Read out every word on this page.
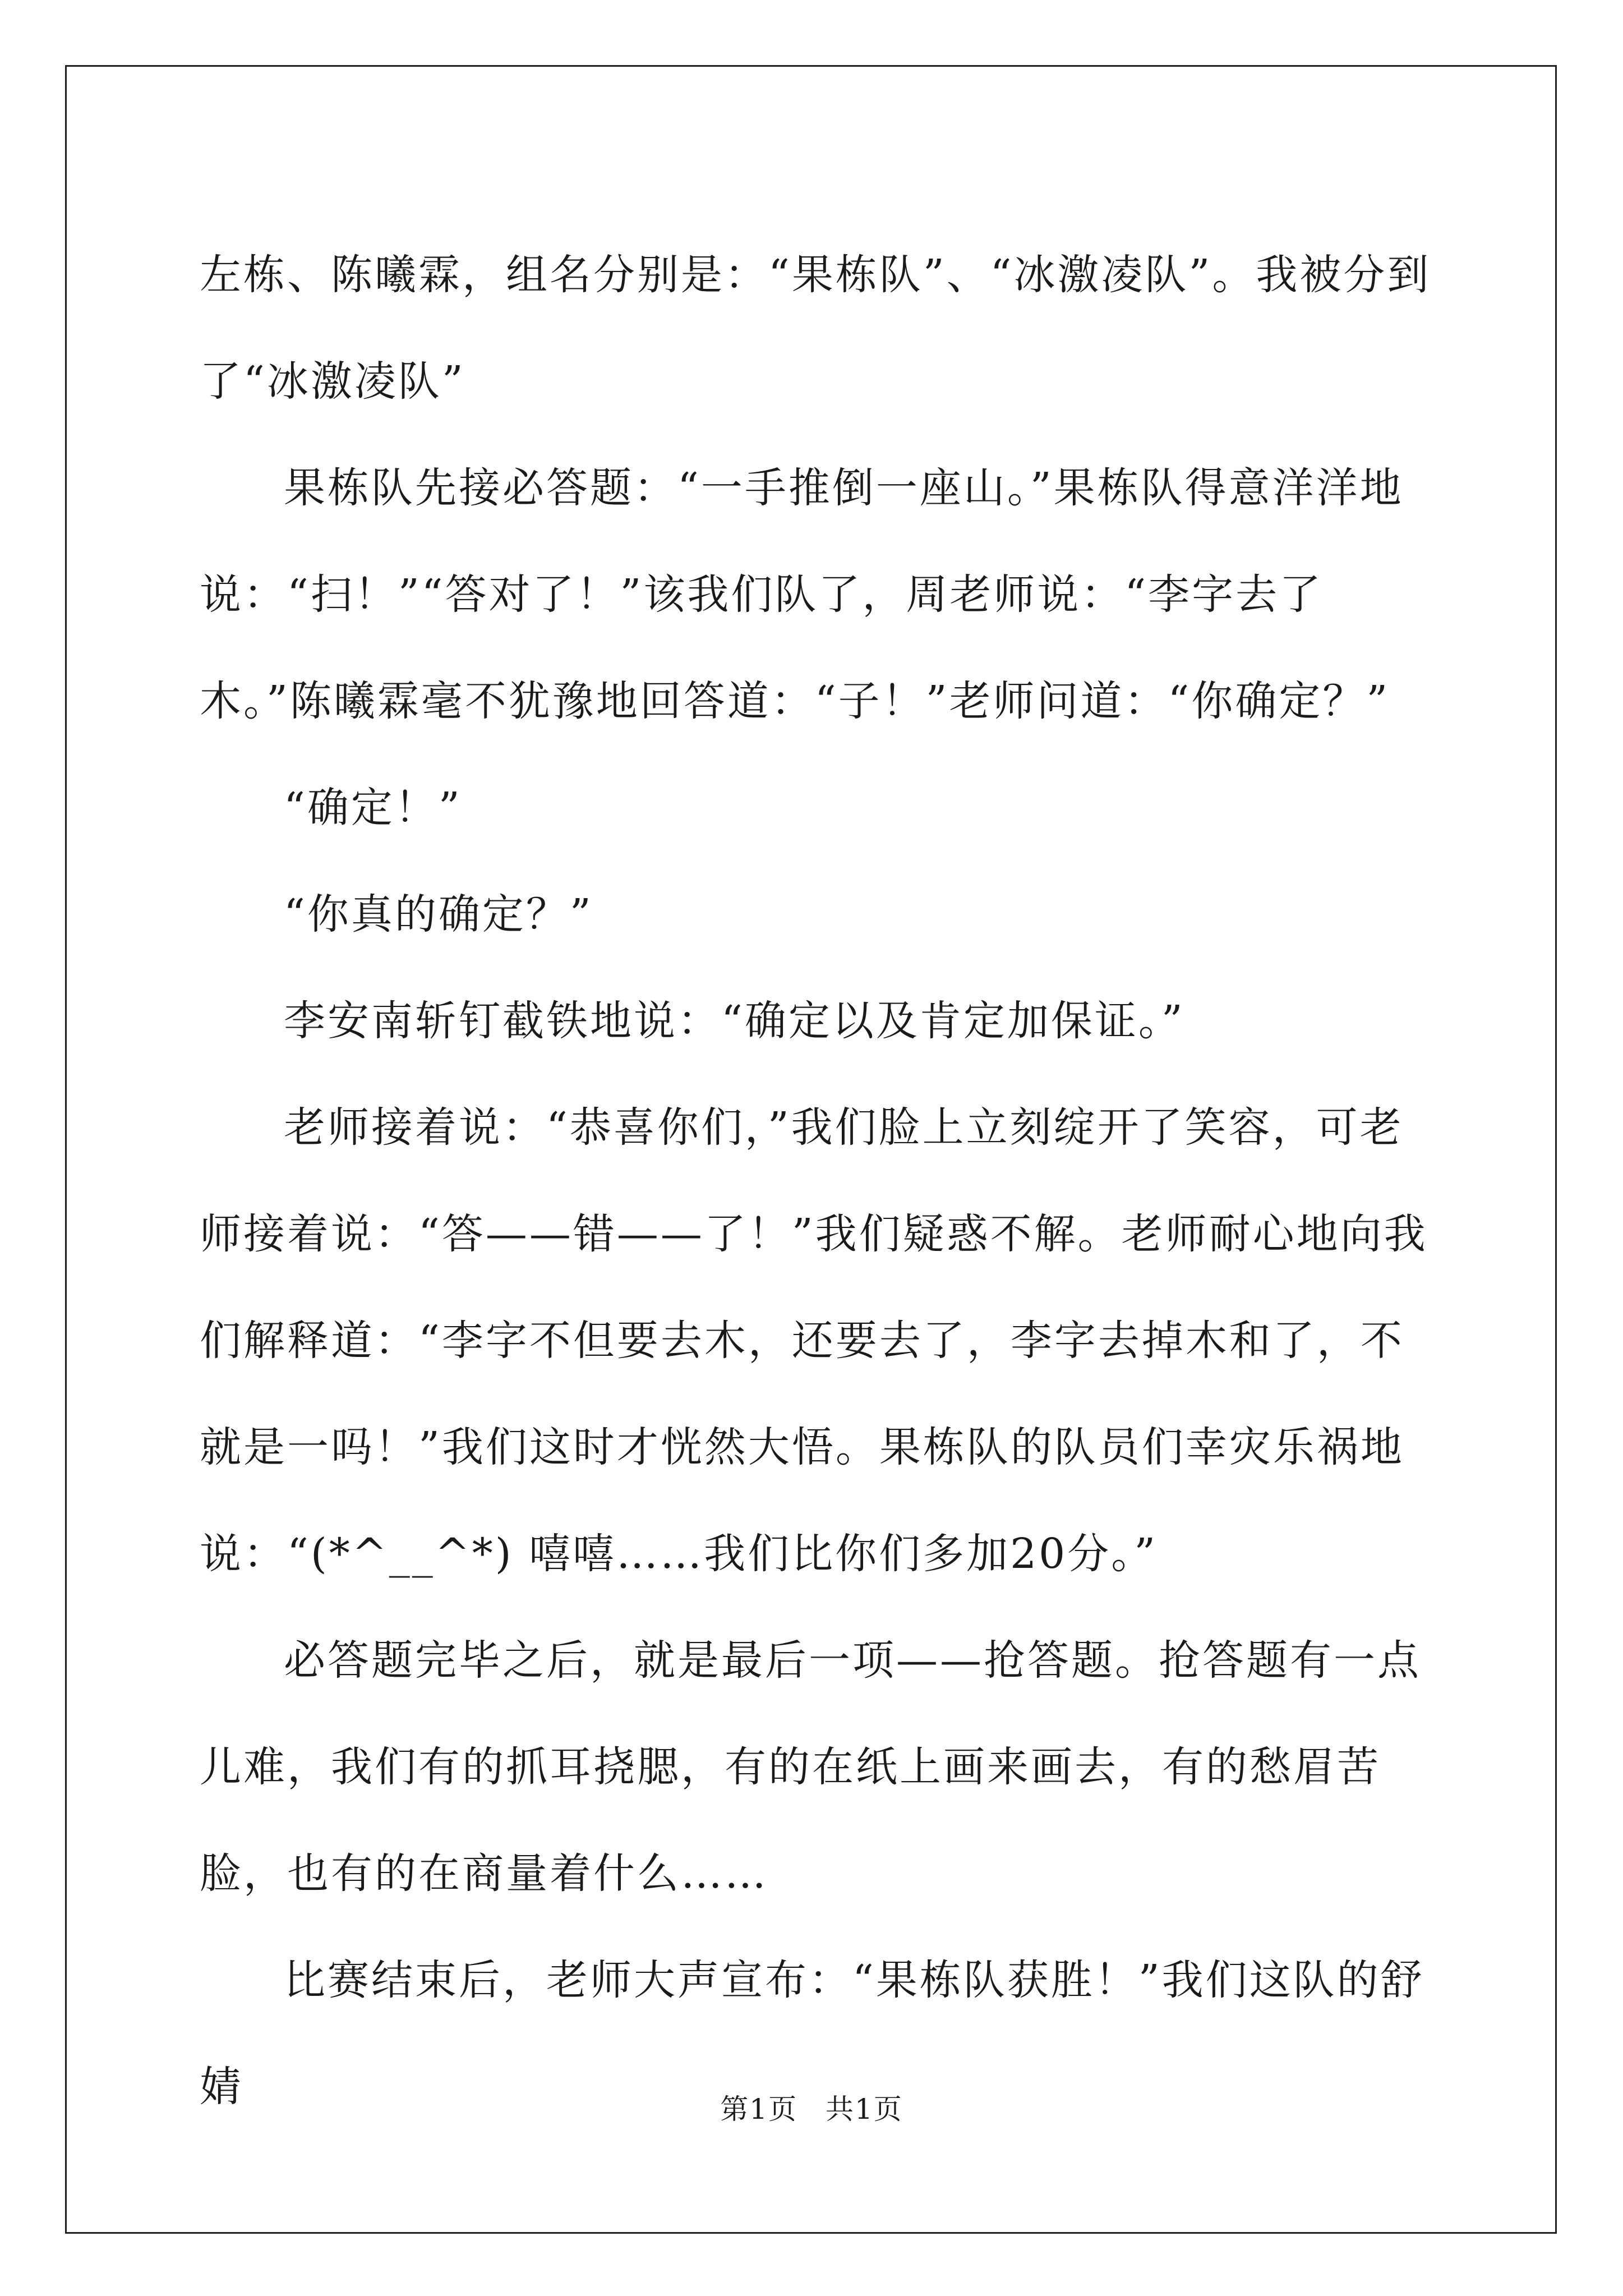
左栋、陈曦霖，组名分别是：“果栋队”、“冰激凌队”。我被分到了“冰激凌队”

果栋队先接必答题：“一手推倒一座山。”果栋队得意洋洋地说：“扫！”“答对了！”该我们队了，周老师说：“李字去了木。”陈曦霖毫不犹豫地回答道：“子！”老师问道：“你确定？”

“确定！”

“你真的确定？”

李安南斩钉截铁地说：“确定以及肯定加保证。”

老师接着说：“恭喜你们，”我们脸上立刻绽开了笑容，可老师接着说：“答——错——了！”我们疑惑不解。老师耐心地向我们解释道：“李字不但要去木，还要去了，李字去掉木和了，不就是一吗！”我们这时才恍然大悟。果栋队的队员们幸灾乐祸地说：“(*^__^*) 嘻嘻……我们比你们多加20分。”

必答题完毕之后，就是最后一项——抢答题。抢答题有一点儿难，我们有的抓耳挠腮，有的在纸上画来画去，有的愁眉苦脸，也有的在商量着什么……

比赛结束后，老师大声宣布：“果栋队获胜！”我们这队的舒婧	第1页 共1页
